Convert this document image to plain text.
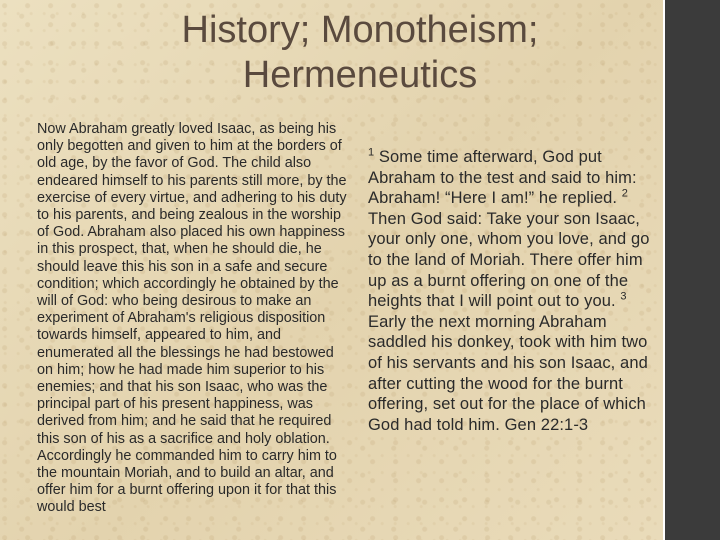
History; Monotheism;
Hermeneutics
Now Abraham greatly loved Isaac, as being his only begotten and given to him at the borders of old age, by the favor of God. The child also endeared himself to his parents still more, by the exercise of every virtue, and adhering to his duty to his parents, and being zealous in the worship of God. Abraham also placed his own happiness in this prospect, that, when he should die, he should leave this his son in a safe and secure condition; which accordingly he obtained by the will of God: who being desirous to make an experiment of Abraham's religious disposition towards himself, appeared to him, and enumerated all the blessings he had bestowed on him; how he had made him superior to his enemies; and that his son Isaac, who was the principal part of his present happiness, was derived from him; and he said that he required this son of his as a sacrifice and holy oblation. Accordingly he commanded him to carry him to the mountain Moriah, and to build an altar, and offer him for a burnt offering upon it for that this would best
$^1$ Some time afterward, God put Abraham to the test and said to him: Abraham! “Here I am!” he replied. $^2$ Then God said: Take your son Isaac, your only one, whom you love, and go to the land of Moriah. There offer him up as a burnt offering on one of the heights that I will point out to you. $^3$ Early the next morning Abraham saddled his donkey, took with him two of his servants and his son Isaac, and after cutting the wood for the burnt offering, set out for the place of which God had told him. Gen 22:1-3
